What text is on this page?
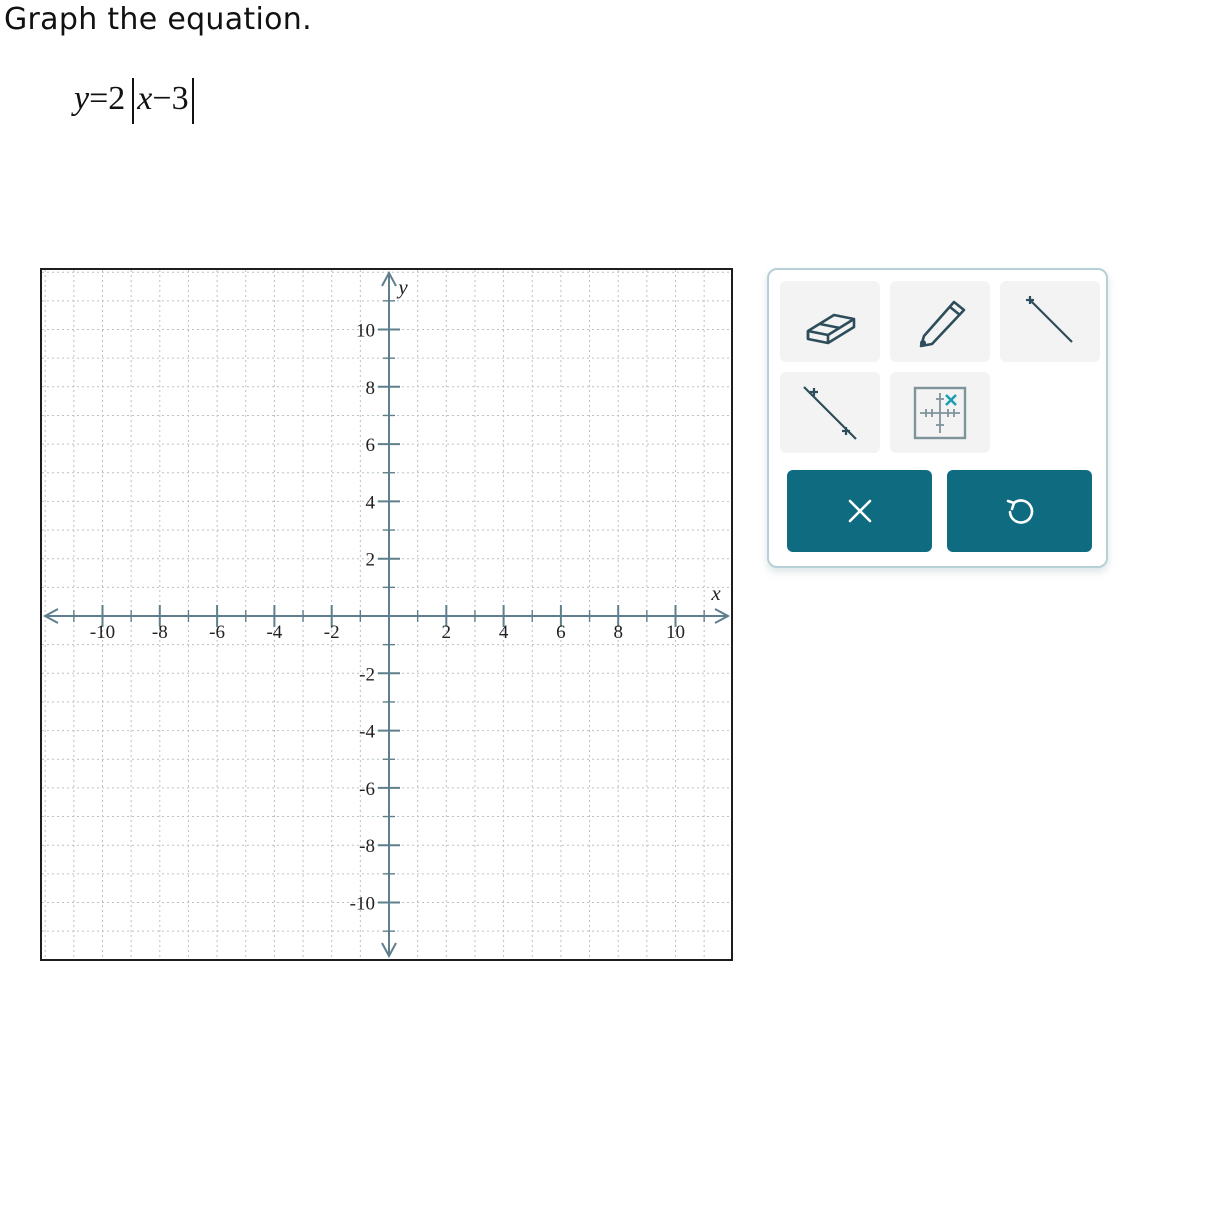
Graph the equation.
y = 2 x − 3
-10 -8 -6 -4 -2	2	4	6	8 10
10
8
6
4
2
-2
-4
-6
-8
-10
x
y
